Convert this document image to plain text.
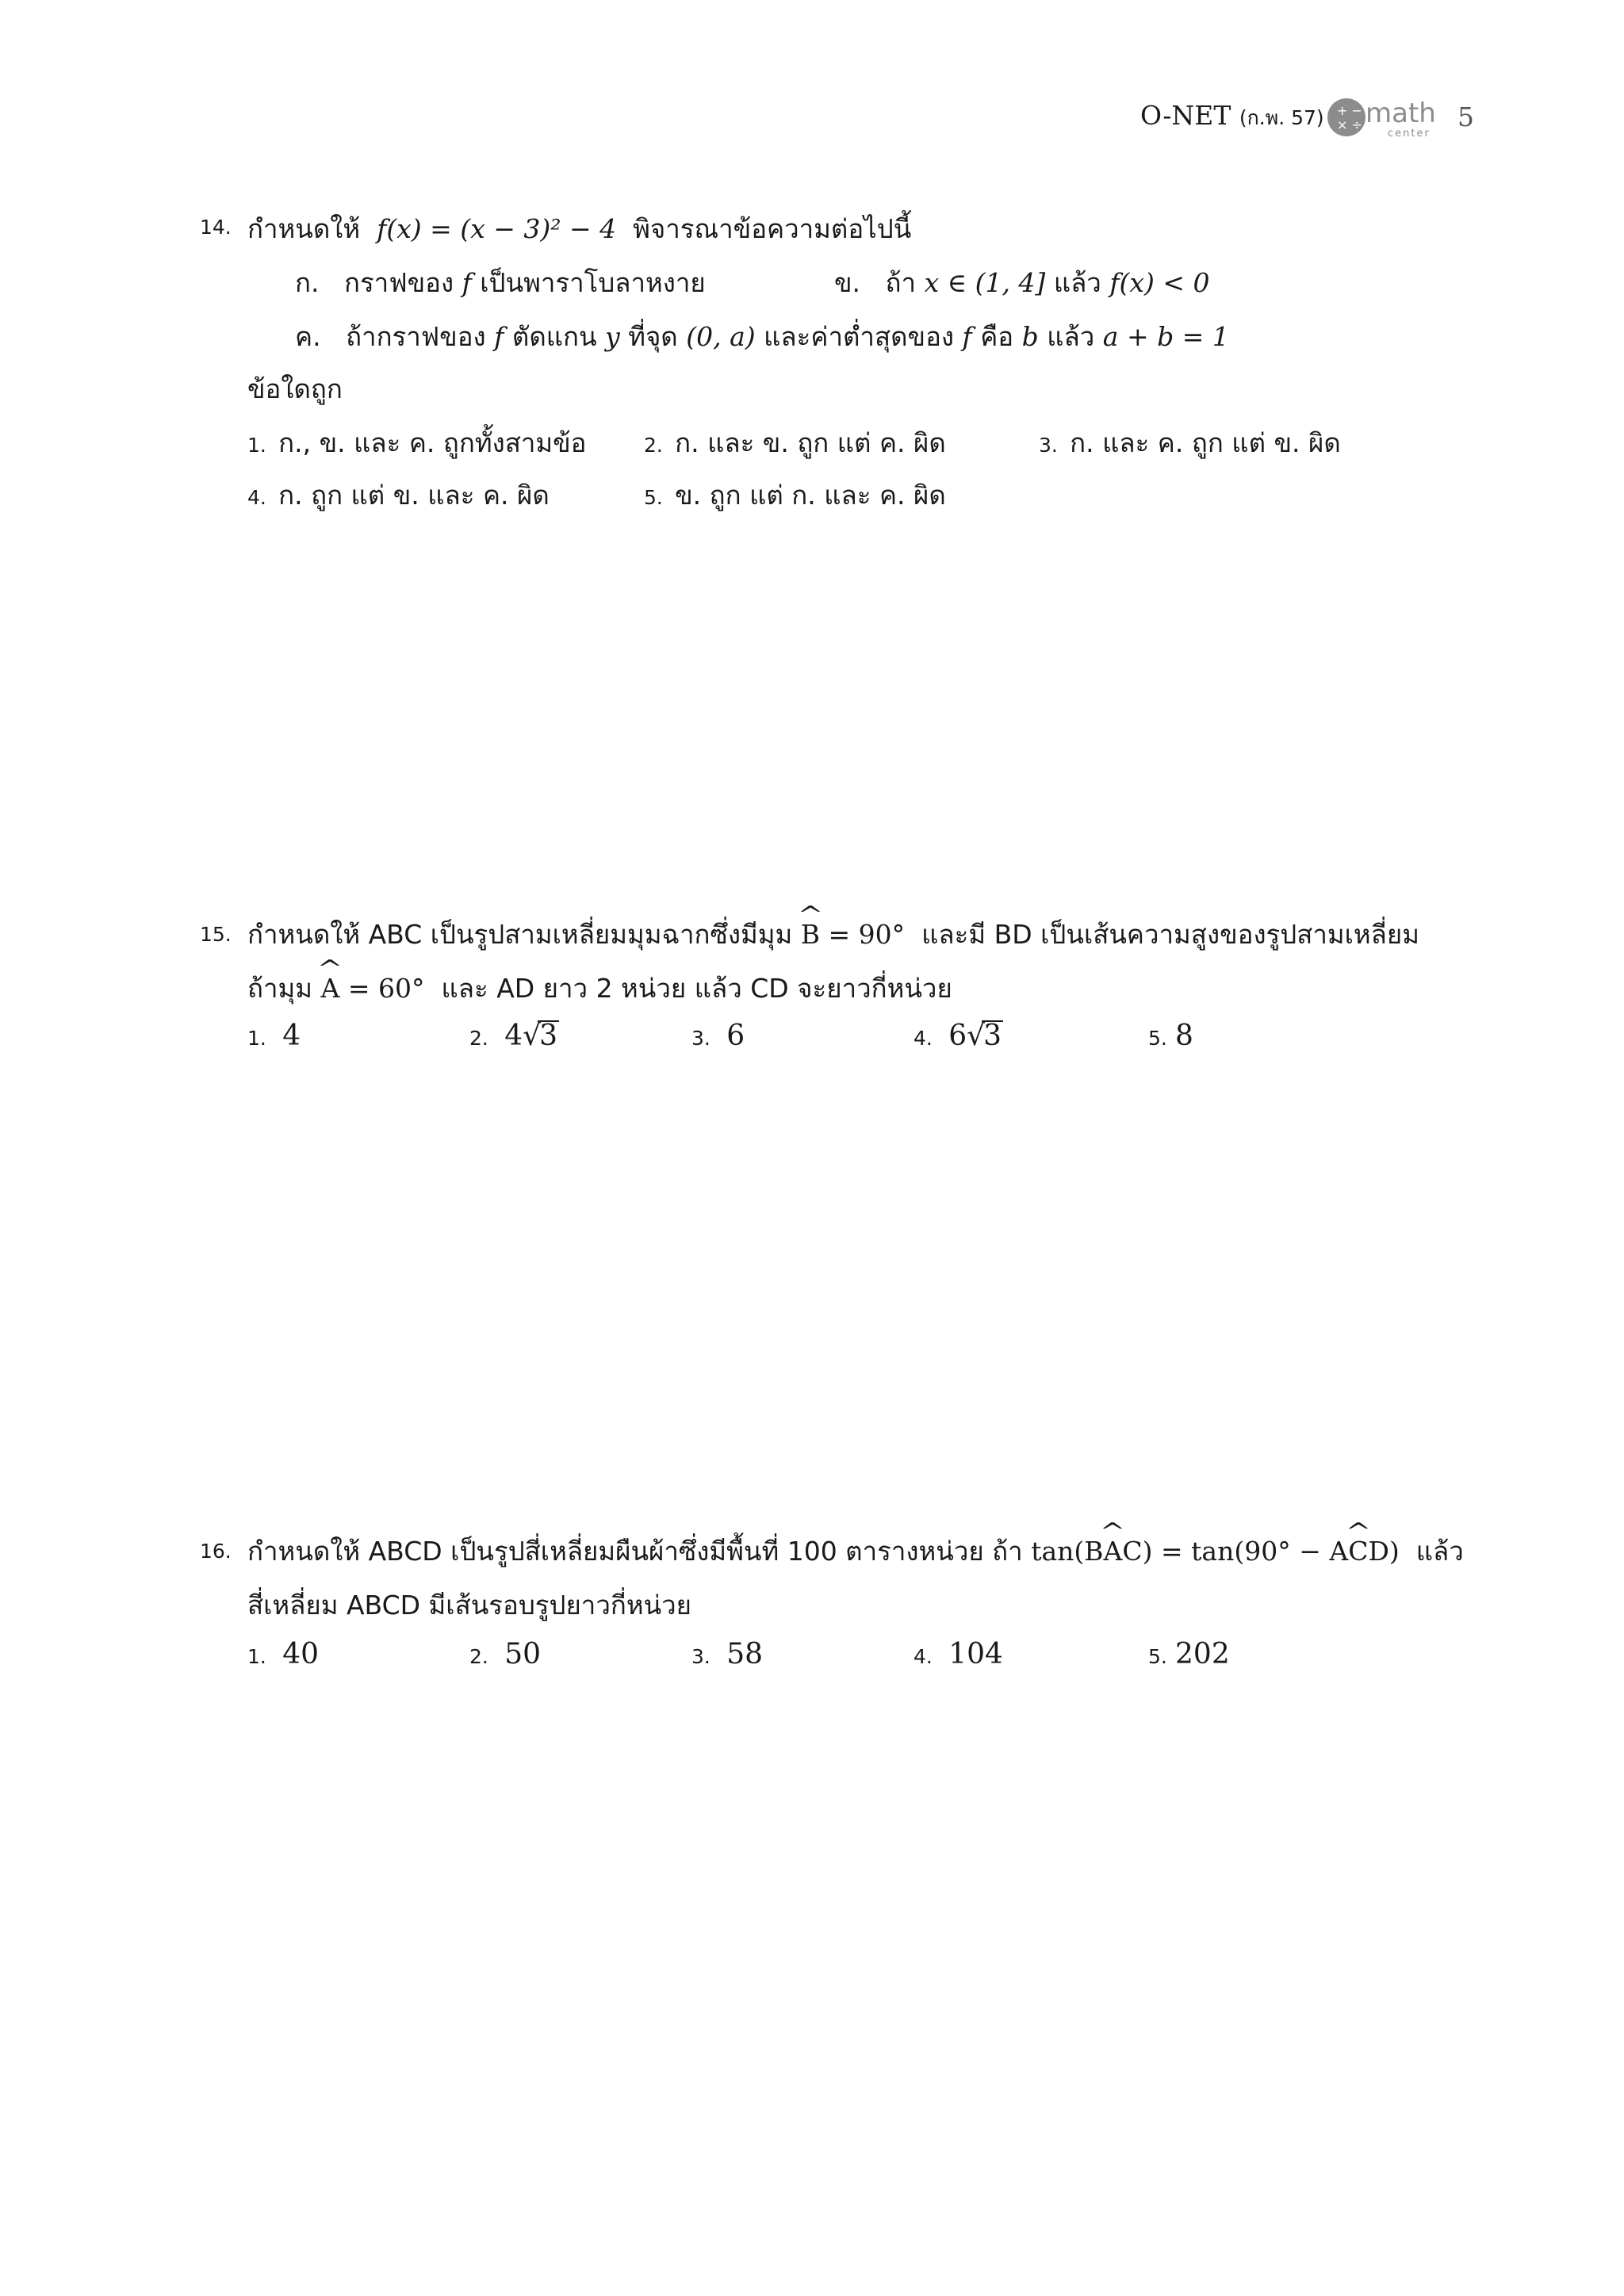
O-NET (ก.พ. 57) + −
× ÷ math
center
5
14. กำหนดให้ f(x) = (x − 3)² − 4 พิจารณาข้อความต่อไปนี้
ก. กราฟของ f เป็นพาราโบลาหงาย	ข. ถ้า x ∈ (1, 4] แล้ว f(x) < 0
ค. ถ้ากราฟของ f ตัดแกน y ที่จุด (0, a) และค่าต่ำสุดของ f คือ b แล้ว a + b = 1
ข้อใดถูก
1. ก., ข. และ ค. ถูกทั้งสามข้อ	2. ก. และ ข. ถูก แต่ ค. ผิด	3. ก. และ ค. ถูก แต่ ข. ผิด
4. ก. ถูก แต่ ข. และ ค. ผิด	5. ข. ถูก แต่ ก. และ ค. ผิด
15. กำหนดให้ ABC เป็นรูปสามเหลี่ยมมุมฉากซึ่งมีมุม ^ B = 90° และมี BD เป็นเส้นความสูงของรูปสามเหลี่ยม
ถ้ามุม ^ A = 60° และ AD ยาว 2 หน่วย แล้ว CD จะยาวกี่หน่วย
1. 4	2. 4√3	3. 6	4. 6√3	5. 8
16. กำหนดให้ ABCD เป็นรูปสี่เหลี่ยมผืนผ้าซึ่งมีพื้นที่ 100 ตารางหน่วย ถ้า tan(B^ AC) = tan(90° − A^ CD) แล้ว
สี่เหลี่ยม ABCD มีเส้นรอบรูปยาวกี่หน่วย
1. 40	2. 50	3. 58	4. 104	5. 202
